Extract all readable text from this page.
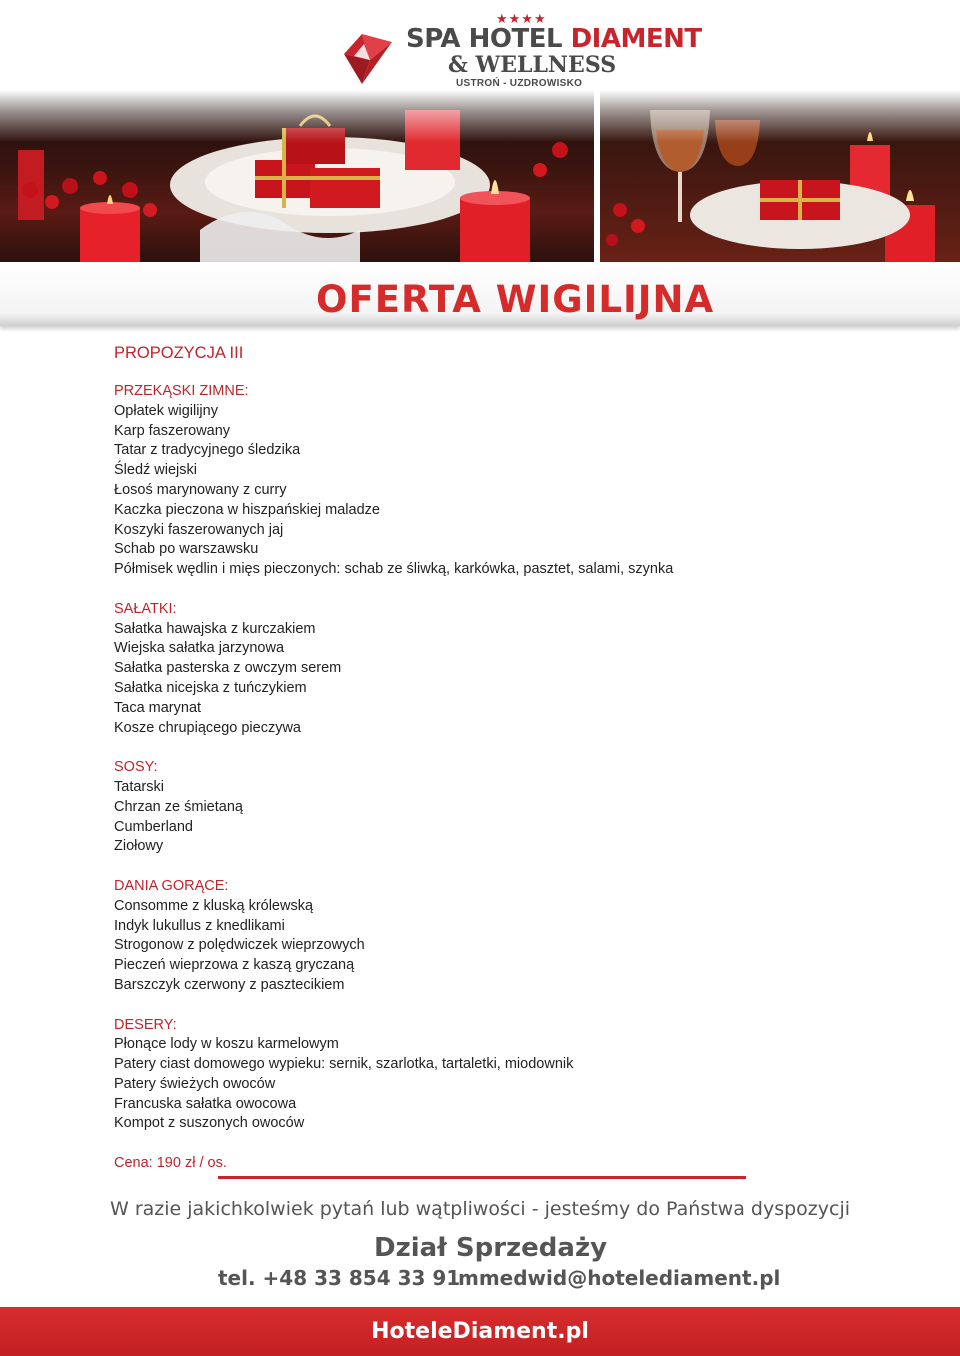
★★★★
SPA HOTEL DIAMENT
& WELLNESS
USTROŃ - UZDROWISKO
OFERTA WIGILIJNA
PROPOZYCJA III
PRZEKĄSKI ZIMNE:
Opłatek wigilijny
Karp faszerowany
Tatar z tradycyjnego śledzika
Śledź wiejski
Łosoś marynowany z curry
Kaczka pieczona w hiszpańskiej maladze
Koszyki faszerowanych jaj
Schab po warszawsku
Półmisek wędlin i mięs pieczonych: schab ze śliwką, karkówka, pasztet, salami, szynka
SAŁATKI:
Sałatka hawajska z kurczakiem
Wiejska sałatka jarzynowa
Sałatka pasterska z owczym serem
Sałatka nicejska z tuńczykiem
Taca marynat
Kosze chrupiącego pieczywa
SOSY:
Tatarski
Chrzan ze śmietaną
Cumberland
Ziołowy
DANIA GORĄCE:
Consomme z kluską królewską
Indyk lukullus z knedlikami
Strogonow z polędwiczek wieprzowych
Pieczeń wieprzowa z kaszą gryczaną
Barszczyk czerwony z pasztecikiem
DESERY:
Płonące lody w koszu karmelowym
Patery ciast domowego wypieku: sernik, szarlotka, tartaletki, miodownik
Patery świeżych owoców
Francuska sałatka owocowa
Kompot z suszonych owoców
Cena: 190 zł / os.
W razie jakichkolwiek pytań lub wątpliwości - jesteśmy do Państwa dyspozycji
Dział Sprzedaży
tel. +48 33 854 33 91
mmedwid@hotelediament.pl
HoteleDiament.pl
